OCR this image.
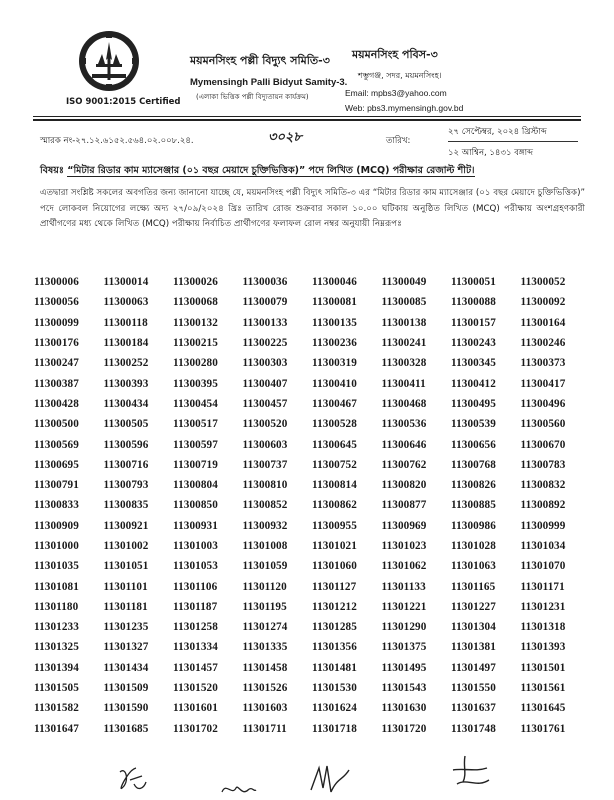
ISO 9001:2015 Certified
ময়মনসিংহ পল্লী বিদ্যুৎ সমিতি-৩
Mymensingh Palli Bidyut Samity-3.
(এলাকা ভিত্তিক পল্লী বিদ্যুতায়ন কার্যক্রম)
ময়মনসিংহ পবিস-৩
শম্ভুগঞ্জ, সদর, ময়মনসিংহ।
Email: mpbs3@yahoo.com
Web: pbs3.mymensingh.gov.bd
স্মারক নং-২৭.১২.৬১৫২.৫৬৪.০২.০০৮.২৪.	৩০২৮	তারিখ:
২৭ সেপ্টেম্বর, ২০২৪ খ্রিস্টাব্দ
১২ আশ্বিন, ১৪৩১ বঙ্গাব্দ
বিষয়ঃ “মিটার রিডার কাম ম্যাসেঞ্জার (০১ বছর মেয়াদে চুক্তিভিত্তিক)” পদে লিখিত (MCQ) পরীক্ষার রেজাল্ট শীট।
এতদ্বারা সংশ্লিষ্ট সকলের অবগতির জন্য জানানো যাচ্ছে যে, ময়মনসিংহ পল্লী বিদ্যুৎ সমিতি-৩ এর “মিটার রিডার কাম ম্যাসেঞ্জার (০১ বছর মেয়াদে চুক্তিভিত্তিক)” পদে লোকবল নিয়োগের লক্ষ্যে অদ্য ২৭/০৯/২০২৪ খ্রিঃ তারিখ রোজ শুক্রবার সকাল ১০.০০ ঘটিকায় অনুষ্ঠিত লিখিত (MCQ) পরীক্ষায় অংশগ্রহণকারী প্রার্থীগণের মধ্য থেকে লিখিত (MCQ) পরীক্ষায় নির্বাচিত প্রার্থীগণের ফলাফল রোল নম্বর অনুযায়ী নিম্নরূপঃ
11300006	11300014	11300026	11300036	11300046	11300049	11300051	11300052
11300056	11300063	11300068	11300079	11300081	11300085	11300088	11300092
11300099	11300118	11300132	11300133	11300135	11300138	11300157	11300164
11300176	11300184	11300215	11300225	11300236	11300241	11300243	11300246
11300247	11300252	11300280	11300303	11300319	11300328	11300345	11300373
11300387	11300393	11300395	11300407	11300410	11300411	11300412	11300417
11300428	11300434	11300454	11300457	11300467	11300468	11300495	11300496
11300500	11300505	11300517	11300520	11300528	11300536	11300539	11300560
11300569	11300596	11300597	11300603	11300645	11300646	11300656	11300670
11300695	11300716	11300719	11300737	11300752	11300762	11300768	11300783
11300791	11300793	11300804	11300810	11300814	11300820	11300826	11300832
11300833	11300835	11300850	11300852	11300862	11300877	11300885	11300892
11300909	11300921	11300931	11300932	11300955	11300969	11300986	11300999
11301000	11301002	11301003	11301008	11301021	11301023	11301028	11301034
11301035	11301051	11301053	11301059	11301060	11301062	11301063	11301070
11301081	11301101	11301106	11301120	11301127	11301133	11301165	11301171
11301180	11301181	11301187	11301195	11301212	11301221	11301227	11301231
11301233	11301235	11301258	11301274	11301285	11301290	11301304	11301318
11301325	11301327	11301334	11301335	11301356	11301375	11301381	11301393
11301394	11301434	11301457	11301458	11301481	11301495	11301497	11301501
11301505	11301509	11301520	11301526	11301530	11301543	11301550	11301561
11301582	11301590	11301601	11301603	11301624	11301630	11301637	11301645
11301647	11301685	11301702	11301711	11301718	11301720	11301748	11301761
